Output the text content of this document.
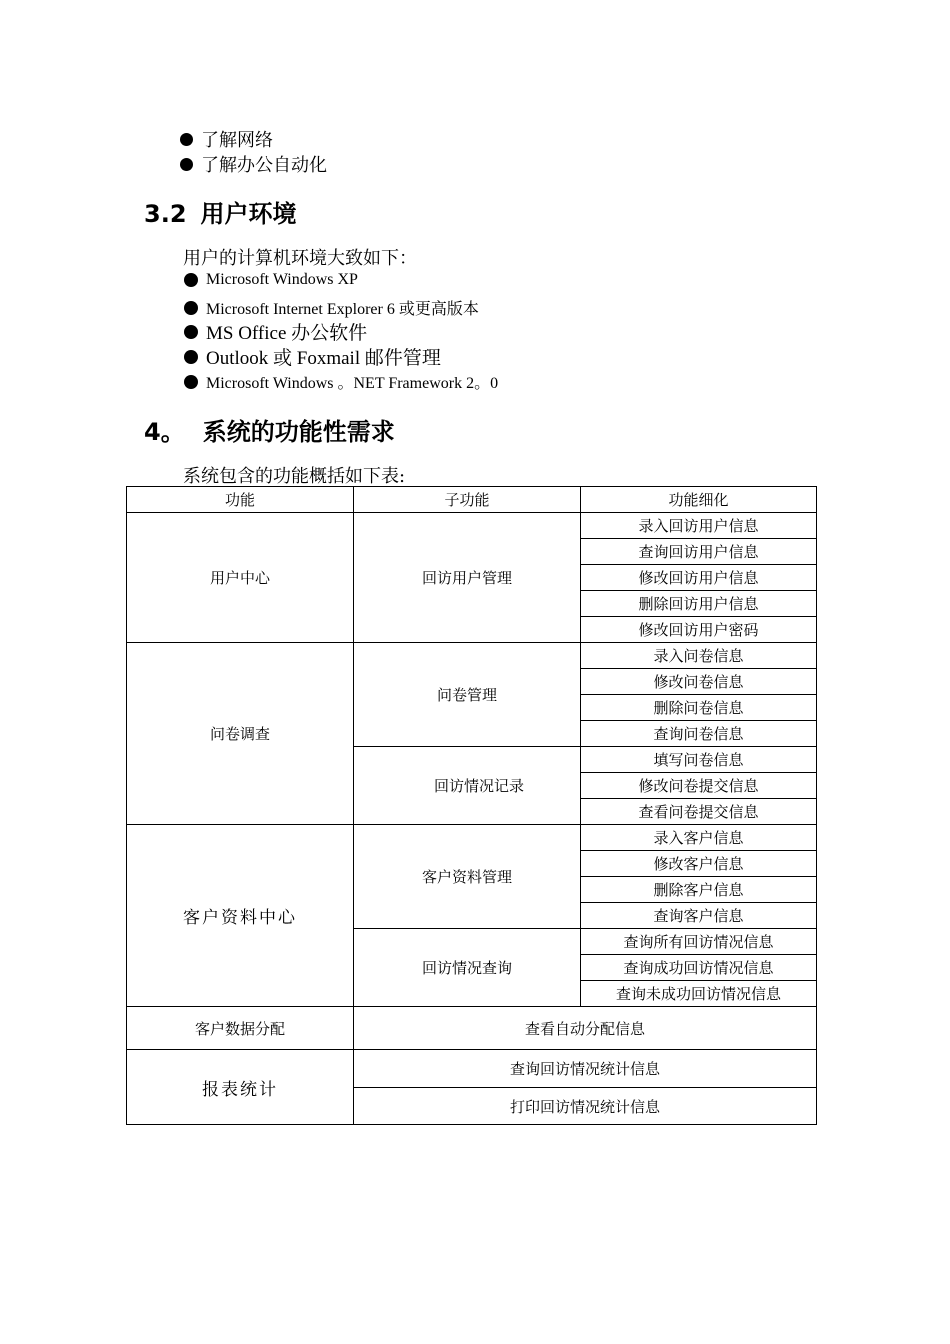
了解网络
了解办公自动化
3.2 用户环境
用户的计算机环境大致如下：
Microsoft Windows XP
Microsoft Internet Explorer 6 或更高版本
MS Office 办公软件
Outlook 或 Foxmail 邮件管理
Microsoft Windows 。NET Framework 2。0
4。 系统的功能性需求
系统包含的功能概括如下表:
功能	子功能	功能细化
用户中心	回访用户管理	录入回访用户信息
		查询回访用户信息
		修改回访用户信息
		删除回访用户信息
		修改回访用户密码
问卷调查	问卷管理	录入问卷信息
		修改问卷信息
		删除问卷信息
		查询问卷信息
	回访情况记录	填写问卷信息
		修改问卷提交信息
		查看问卷提交信息
客户资料中心	客户资料管理	录入客户信息
		修改客户信息
		删除客户信息
		查询客户信息
	回访情况查询	查询所有回访情况信息
		查询成功回访情况信息
		查询未成功回访情况信息
客户数据分配	查看自动分配信息	
报表统计	查询回访情况统计信息	
	打印回访情况统计信息	
